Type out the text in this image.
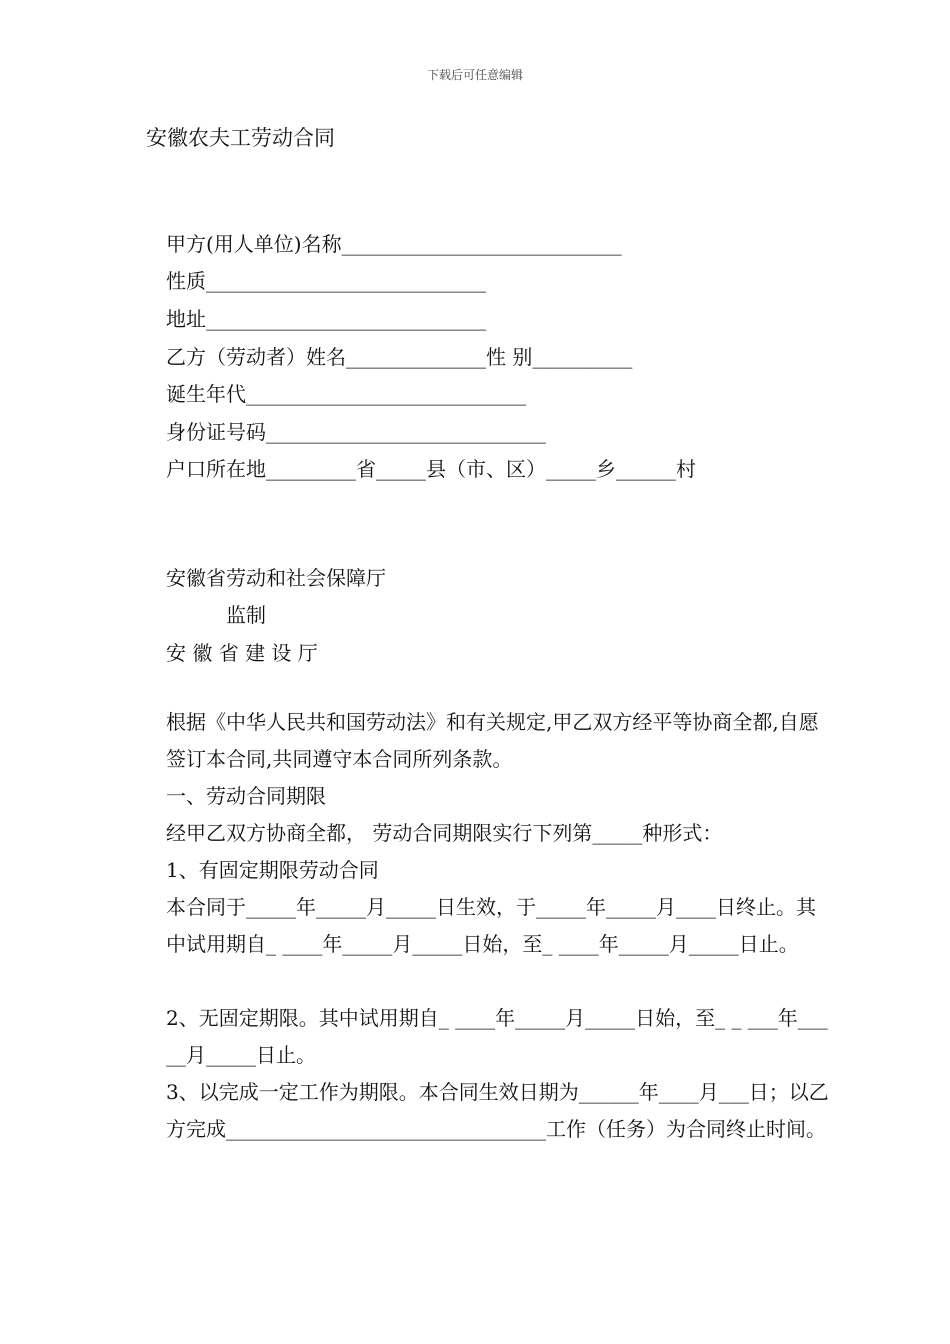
下载后可任意编辑
安徽农夫工劳动合同
甲方(用人单位)名称____________________________
性质____________________________
地址____________________________
乙方（劳动者）姓名______________性 别__________
诞生年代____________________________
身份证号码____________________________
户口所在地_________省_____县（市、区）_____乡______村
安徽省劳动和社会保障厅
监制
安 徽 省 建 设 厅
根据《中华人民共和国劳动法》和有关规定,甲乙双方经平等协商全都,自愿签订本合同,共同遵守本合同所列条款。
一、劳动合同期限
经甲乙双方协商全都， 劳动合同期限实行下列第_____种形式：
1、有固定期限劳动合同
本合同于_____年_____月_____日生效，于_____年_____月____日终止。其中试用期自_ ____年_____月_____日始，至_ ____年_____月_____日止。
2、无固定期限。其中试用期自_ ____年_____月_____日始，至_ _ ___年_____月_____日止。
3、以完成一定工作为期限。本合同生效日期为______年____月___日；以乙方完成________________________________工作（任务）为合同终止时间。
